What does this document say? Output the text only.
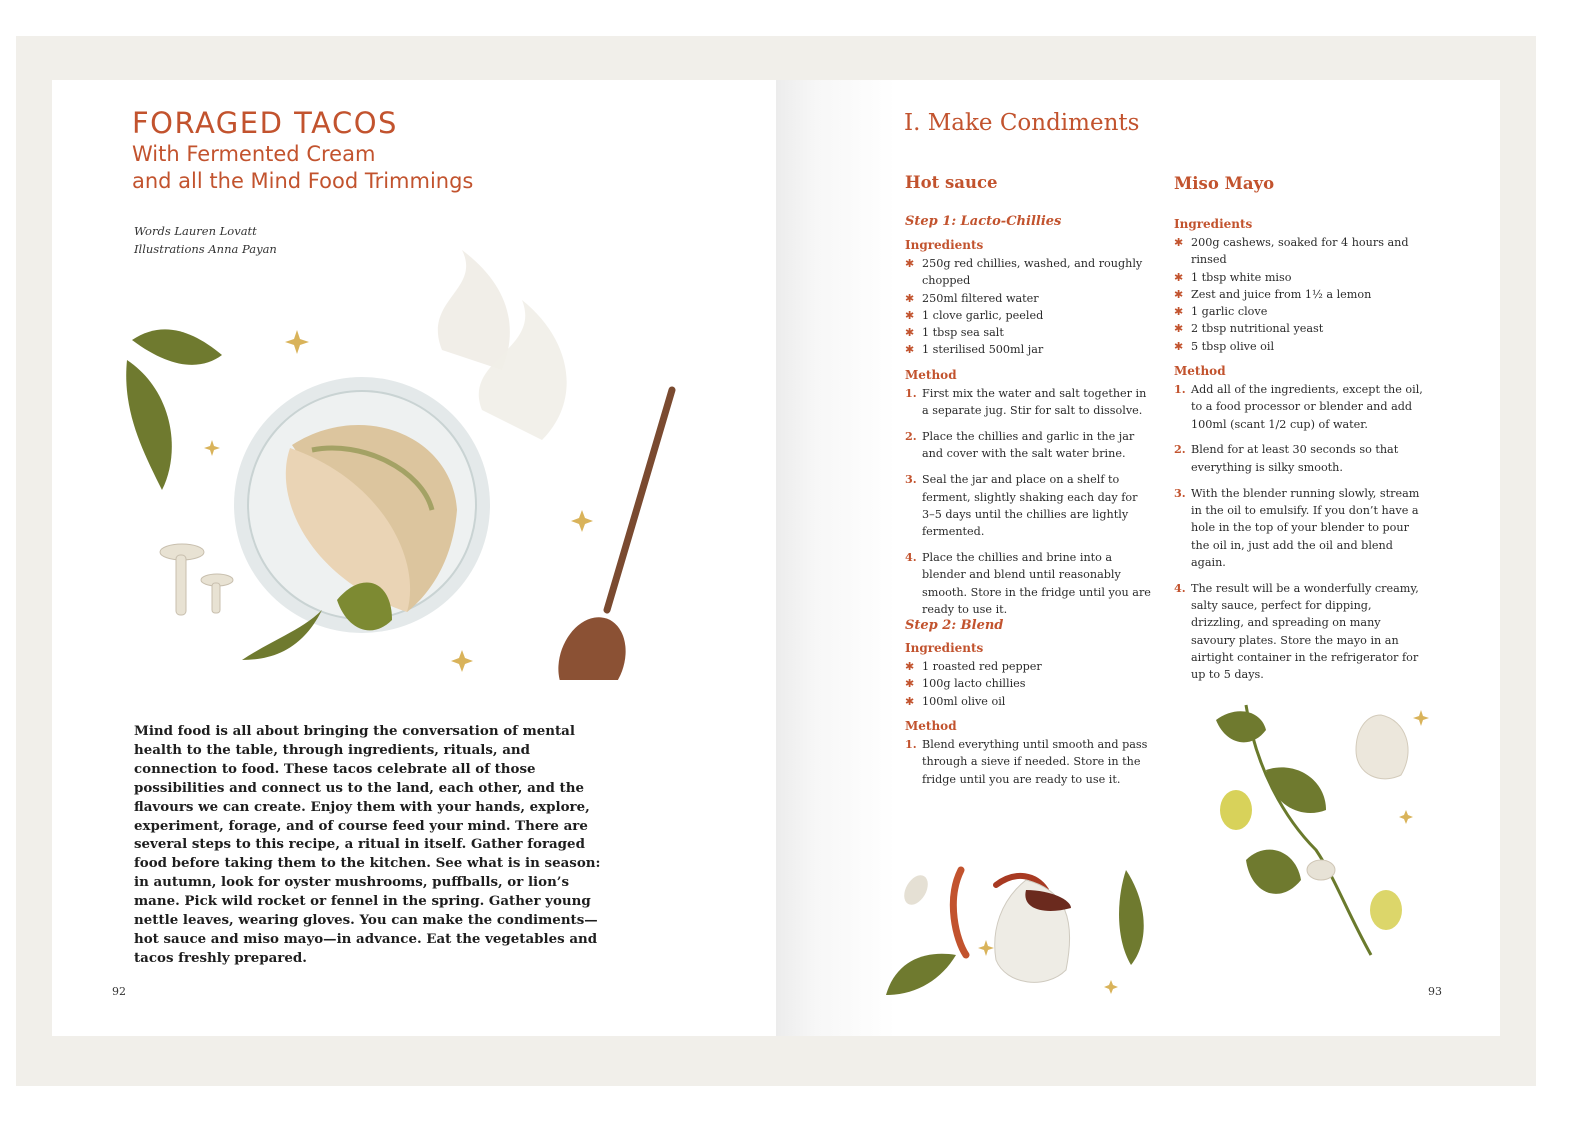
FORAGED TACOS
With Fermented Cream
and all the Mind Food Trimmings
Words Lauren Lovatt
Illustrations Anna Payan
Mind food is all about bringing the conversation of mental health to the table, through ingredients, rituals, and connection to food. These tacos celebrate all of those possibilities and connect us to the land, each other, and the flavours we can create. Enjoy them with your hands, explore, experiment, forage, and of course feed your mind. There are several steps to this recipe, a ritual in itself. Gather foraged food before taking them to the kitchen. See what is in season: in autumn, look for oyster mushrooms, puffballs, or lion’s mane. Pick wild rocket or fennel in the spring. Gather young nettle leaves, wearing gloves. You can make the condiments—hot sauce and miso mayo—in advance. Eat the vegetables and tacos freshly prepared.
92
I. Make Condiments
Hot sauce
Step 1: Lacto-Chillies
Ingredients
✱ 250g red chillies, washed, and roughly chopped
✱ 250ml filtered water
✱ 1 clove garlic, peeled
✱ 1 tbsp sea salt
✱ 1 sterilised 500ml jar
Method
1. First mix the water and salt together in a separate jug. Stir for salt to dissolve.
2. Place the chillies and garlic in the jar and cover with the salt water brine.
3. Seal the jar and place on a shelf to ferment, slightly shaking each day for 3–5 days until the chillies are lightly fermented.
4. Place the chillies and brine into a blender and blend until reasonably smooth. Store in the fridge until you are ready to use it.
Step 2: Blend
Ingredients
✱ 1 roasted red pepper
✱ 100g lacto chillies
✱ 100ml olive oil
Method
1. Blend everything until smooth and pass through a sieve if needed. Store in the fridge until you are ready to use it.
Miso Mayo
Ingredients
✱ 200g cashews, soaked for 4 hours and rinsed
✱ 1 tbsp white miso
✱ Zest and juice from 1½ a lemon
✱ 1 garlic clove
✱ 2 tbsp nutritional yeast
✱ 5 tbsp olive oil
Method
1. Add all of the ingredients, except the oil, to a food processor or blender and add 100ml (scant 1/2 cup) of water.
2. Blend for at least 30 seconds so that everything is silky smooth.
3. With the blender running slowly, stream in the oil to emulsify. If you don’t have a hole in the top of your blender to pour the oil in, just add the oil and blend again.
4. The result will be a wonderfully creamy, salty sauce, perfect for dipping, drizzling, and spreading on many savoury plates. Store the mayo in an airtight container in the refrigerator for up to 5 days.
93
